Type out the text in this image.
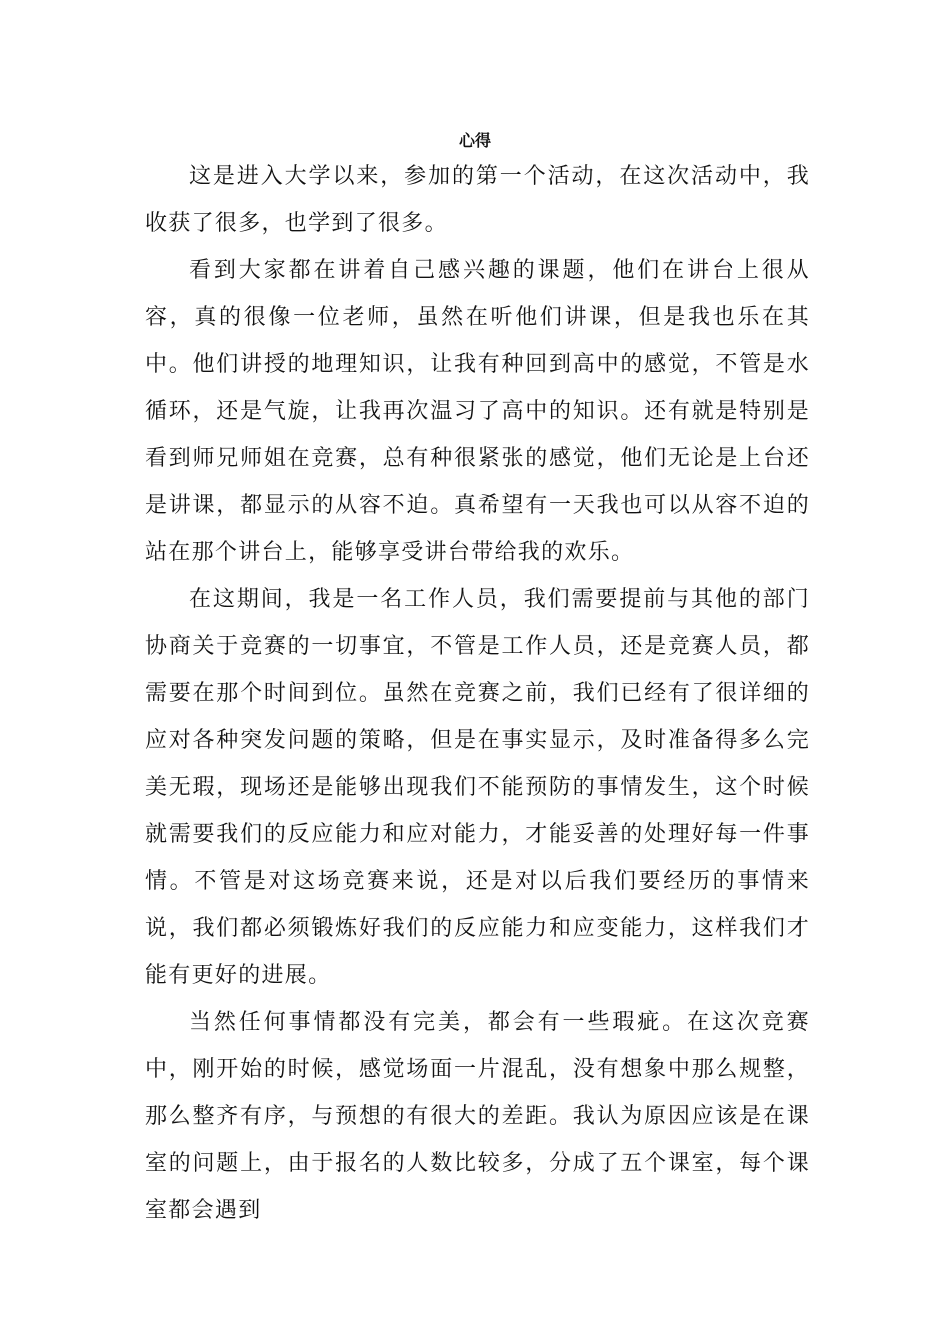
心得

这是进入大学以来，参加的第一个活动，在这次活动中，我收获了很多，也学到了很多。

看到大家都在讲着自己感兴趣的课题，他们在讲台上很从容，真的很像一位老师，虽然在听他们讲课，但是我也乐在其中。他们讲授的地理知识，让我有种回到高中的感觉，不管是水循环，还是气旋，让我再次温习了高中的知识。还有就是特别是看到师兄师姐在竞赛，总有种很紧张的感觉，他们无论是上台还是讲课，都显示的从容不迫。真希望有一天我也可以从容不迫的站在那个讲台上，能够享受讲台带给我的欢乐。

在这期间，我是一名工作人员，我们需要提前与其他的部门协商关于竞赛的一切事宜，不管是工作人员，还是竞赛人员，都需要在那个时间到位。虽然在竞赛之前，我们已经有了很详细的应对各种突发问题的策略，但是在事实显示，及时准备得多么完美无瑕，现场还是能够出现我们不能预防的事情发生，这个时候就需要我们的反应能力和应对能力，才能妥善的处理好每一件事情。不管是对这场竞赛来说，还是对以后我们要经历的事情来说，我们都必须锻炼好我们的反应能力和应变能力，这样我们才能有更好的进展。

当然任何事情都没有完美，都会有一些瑕疵。在这次竞赛中，刚开始的时候，感觉场面一片混乱，没有想象中那么规整，那么整齐有序，与预想的有很大的差距。我认为原因应该是在课室的问题上，由于报名的人数比较多，分成了五个课室，每个课室都会遇到
